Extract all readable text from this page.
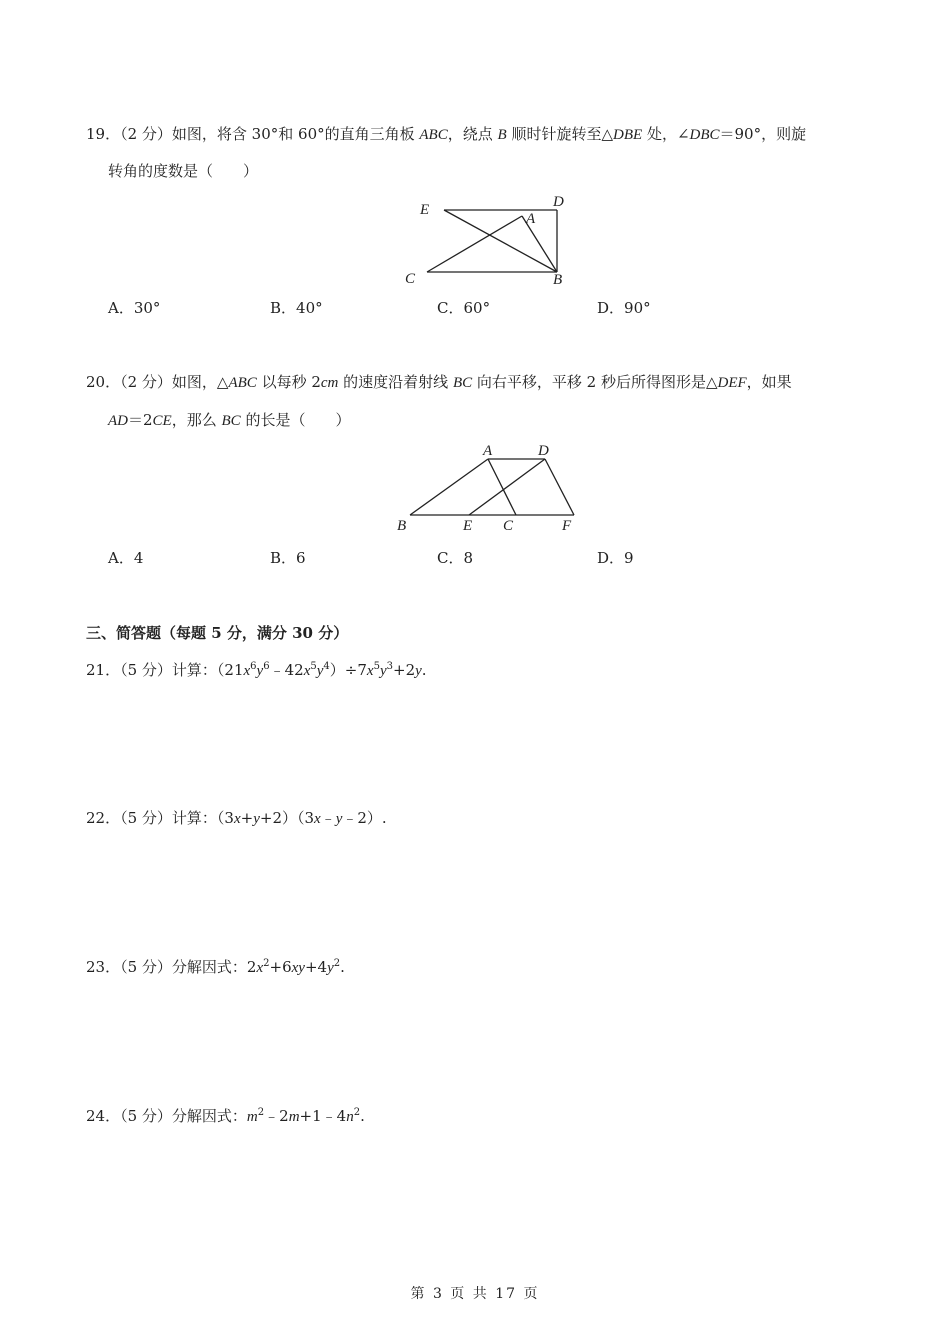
19．（2 分）如图，将含 30°和 60°的直角三角板 ABC，绕点 B 顺时针旋转至△DBE 处，∠DBC＝90°，则旋
转角的度数是（　　）
E	D
A
C	B
A．30°	B．40°	C．60°	D．90°
20．（2 分）如图，△ABC 以每秒 2cm 的速度沿着射线 BC 向右平移，平移 2 秒后所得图形是△DEF，如果
AD＝2CE，那么 BC 的长是（　　）
A	D
B	E C	F
A．4	B．6	C．8	D．9
三、简答题（每题 5 分，满分 30 分）
21．（5 分）计算：$(21x^6y^6﹣42x^5y^4)\div 7x^5y^3+2y$.
22．（5 分）计算：（3x+y+2）（3x﹣y﹣2）.
23．（5 分）分解因式：$2x^2+6xy+4y^2$.
24．（5 分）分解因式：$m^2﹣2m+1﹣4n^2$.
第 3 页 共 17 页
